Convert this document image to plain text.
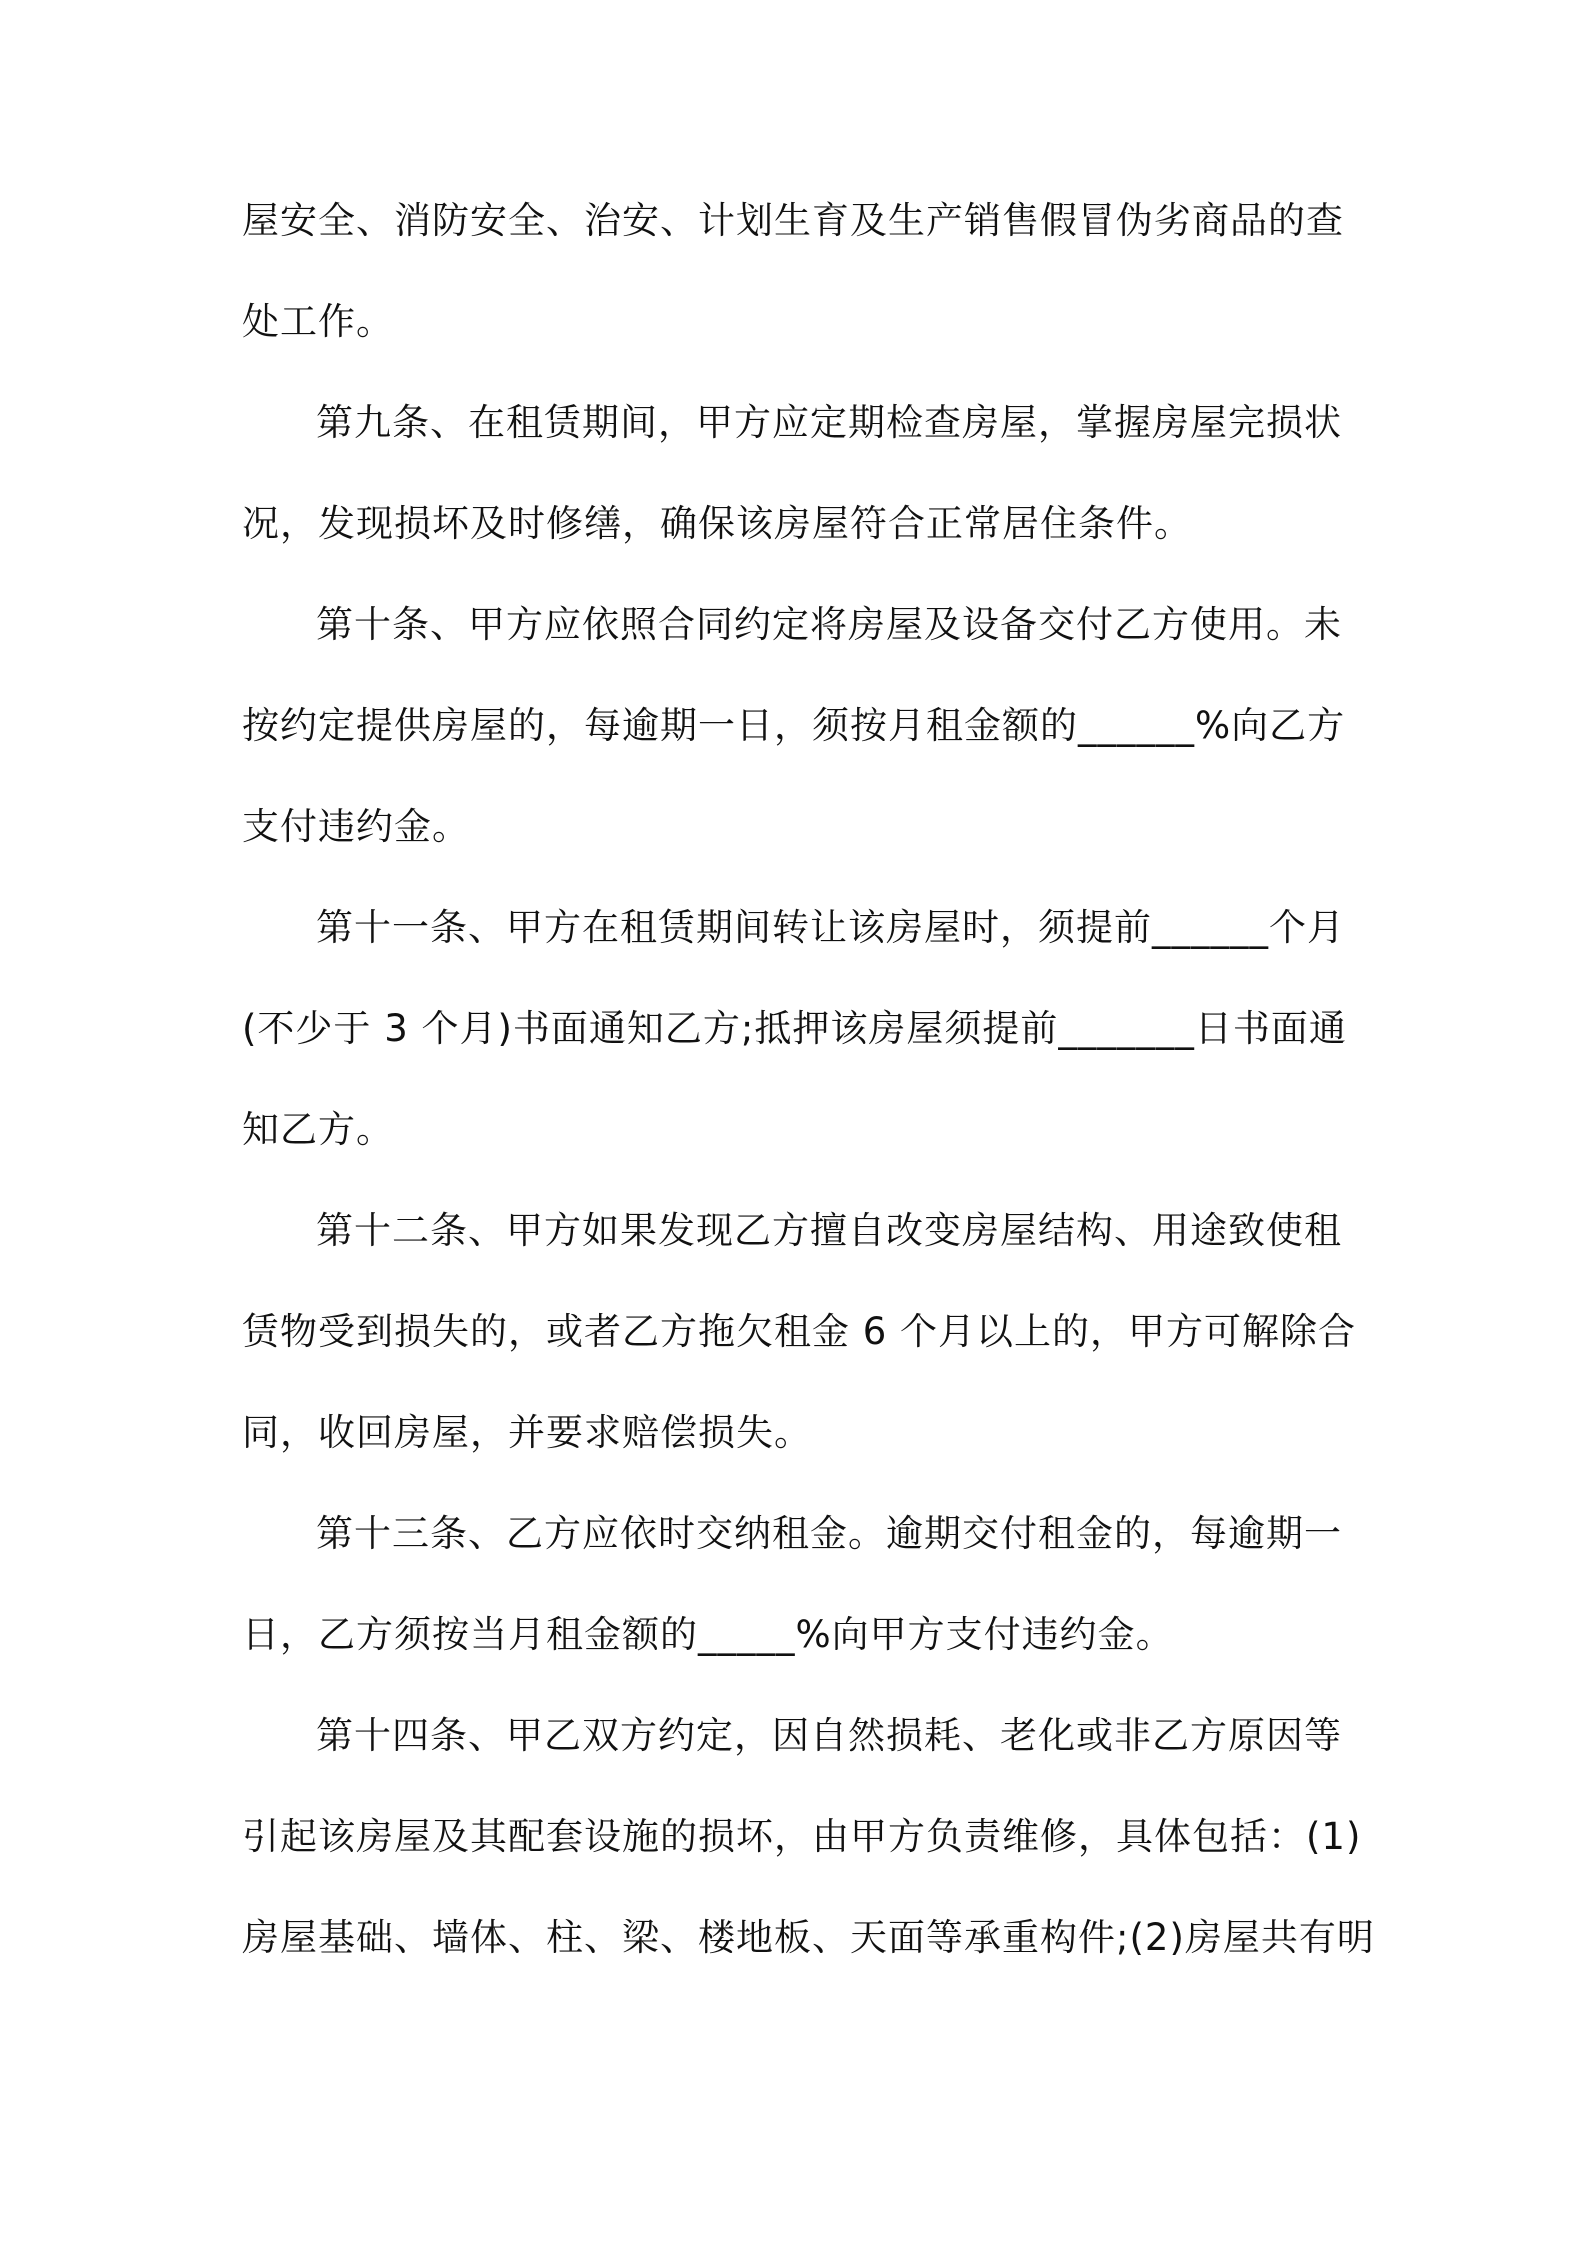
屋安全、消防安全、治安、计划生育及生产销售假冒伪劣商品的查
处工作。

第九条、在租赁期间，甲方应定期检查房屋，掌握房屋完损状
况，发现损坏及时修缮，确保该房屋符合正常居住条件。

第十条、甲方应依照合同约定将房屋及设备交付乙方使用。未
按约定提供房屋的，每逾期一日，须按月租金额的______%向乙方
支付违约金。

第十一条、甲方在租赁期间转让该房屋时，须提前______个月
(不少于 3 个月)书面通知乙方;抵押该房屋须提前_______日书面通
知乙方。

第十二条、甲方如果发现乙方擅自改变房屋结构、用途致使租
赁物受到损失的，或者乙方拖欠租金 6 个月以上的，甲方可解除合
同，收回房屋，并要求赔偿损失。

第十三条、乙方应依时交纳租金。逾期交付租金的，每逾期一
日，乙方须按当月租金额的_____%向甲方支付违约金。

第十四条、甲乙双方约定，因自然损耗、老化或非乙方原因等
引起该房屋及其配套设施的损坏，由甲方负责维修，具体包括：(1)
房屋基础、墙体、柱、梁、楼地板、天面等承重构件;(2)房屋共有明
